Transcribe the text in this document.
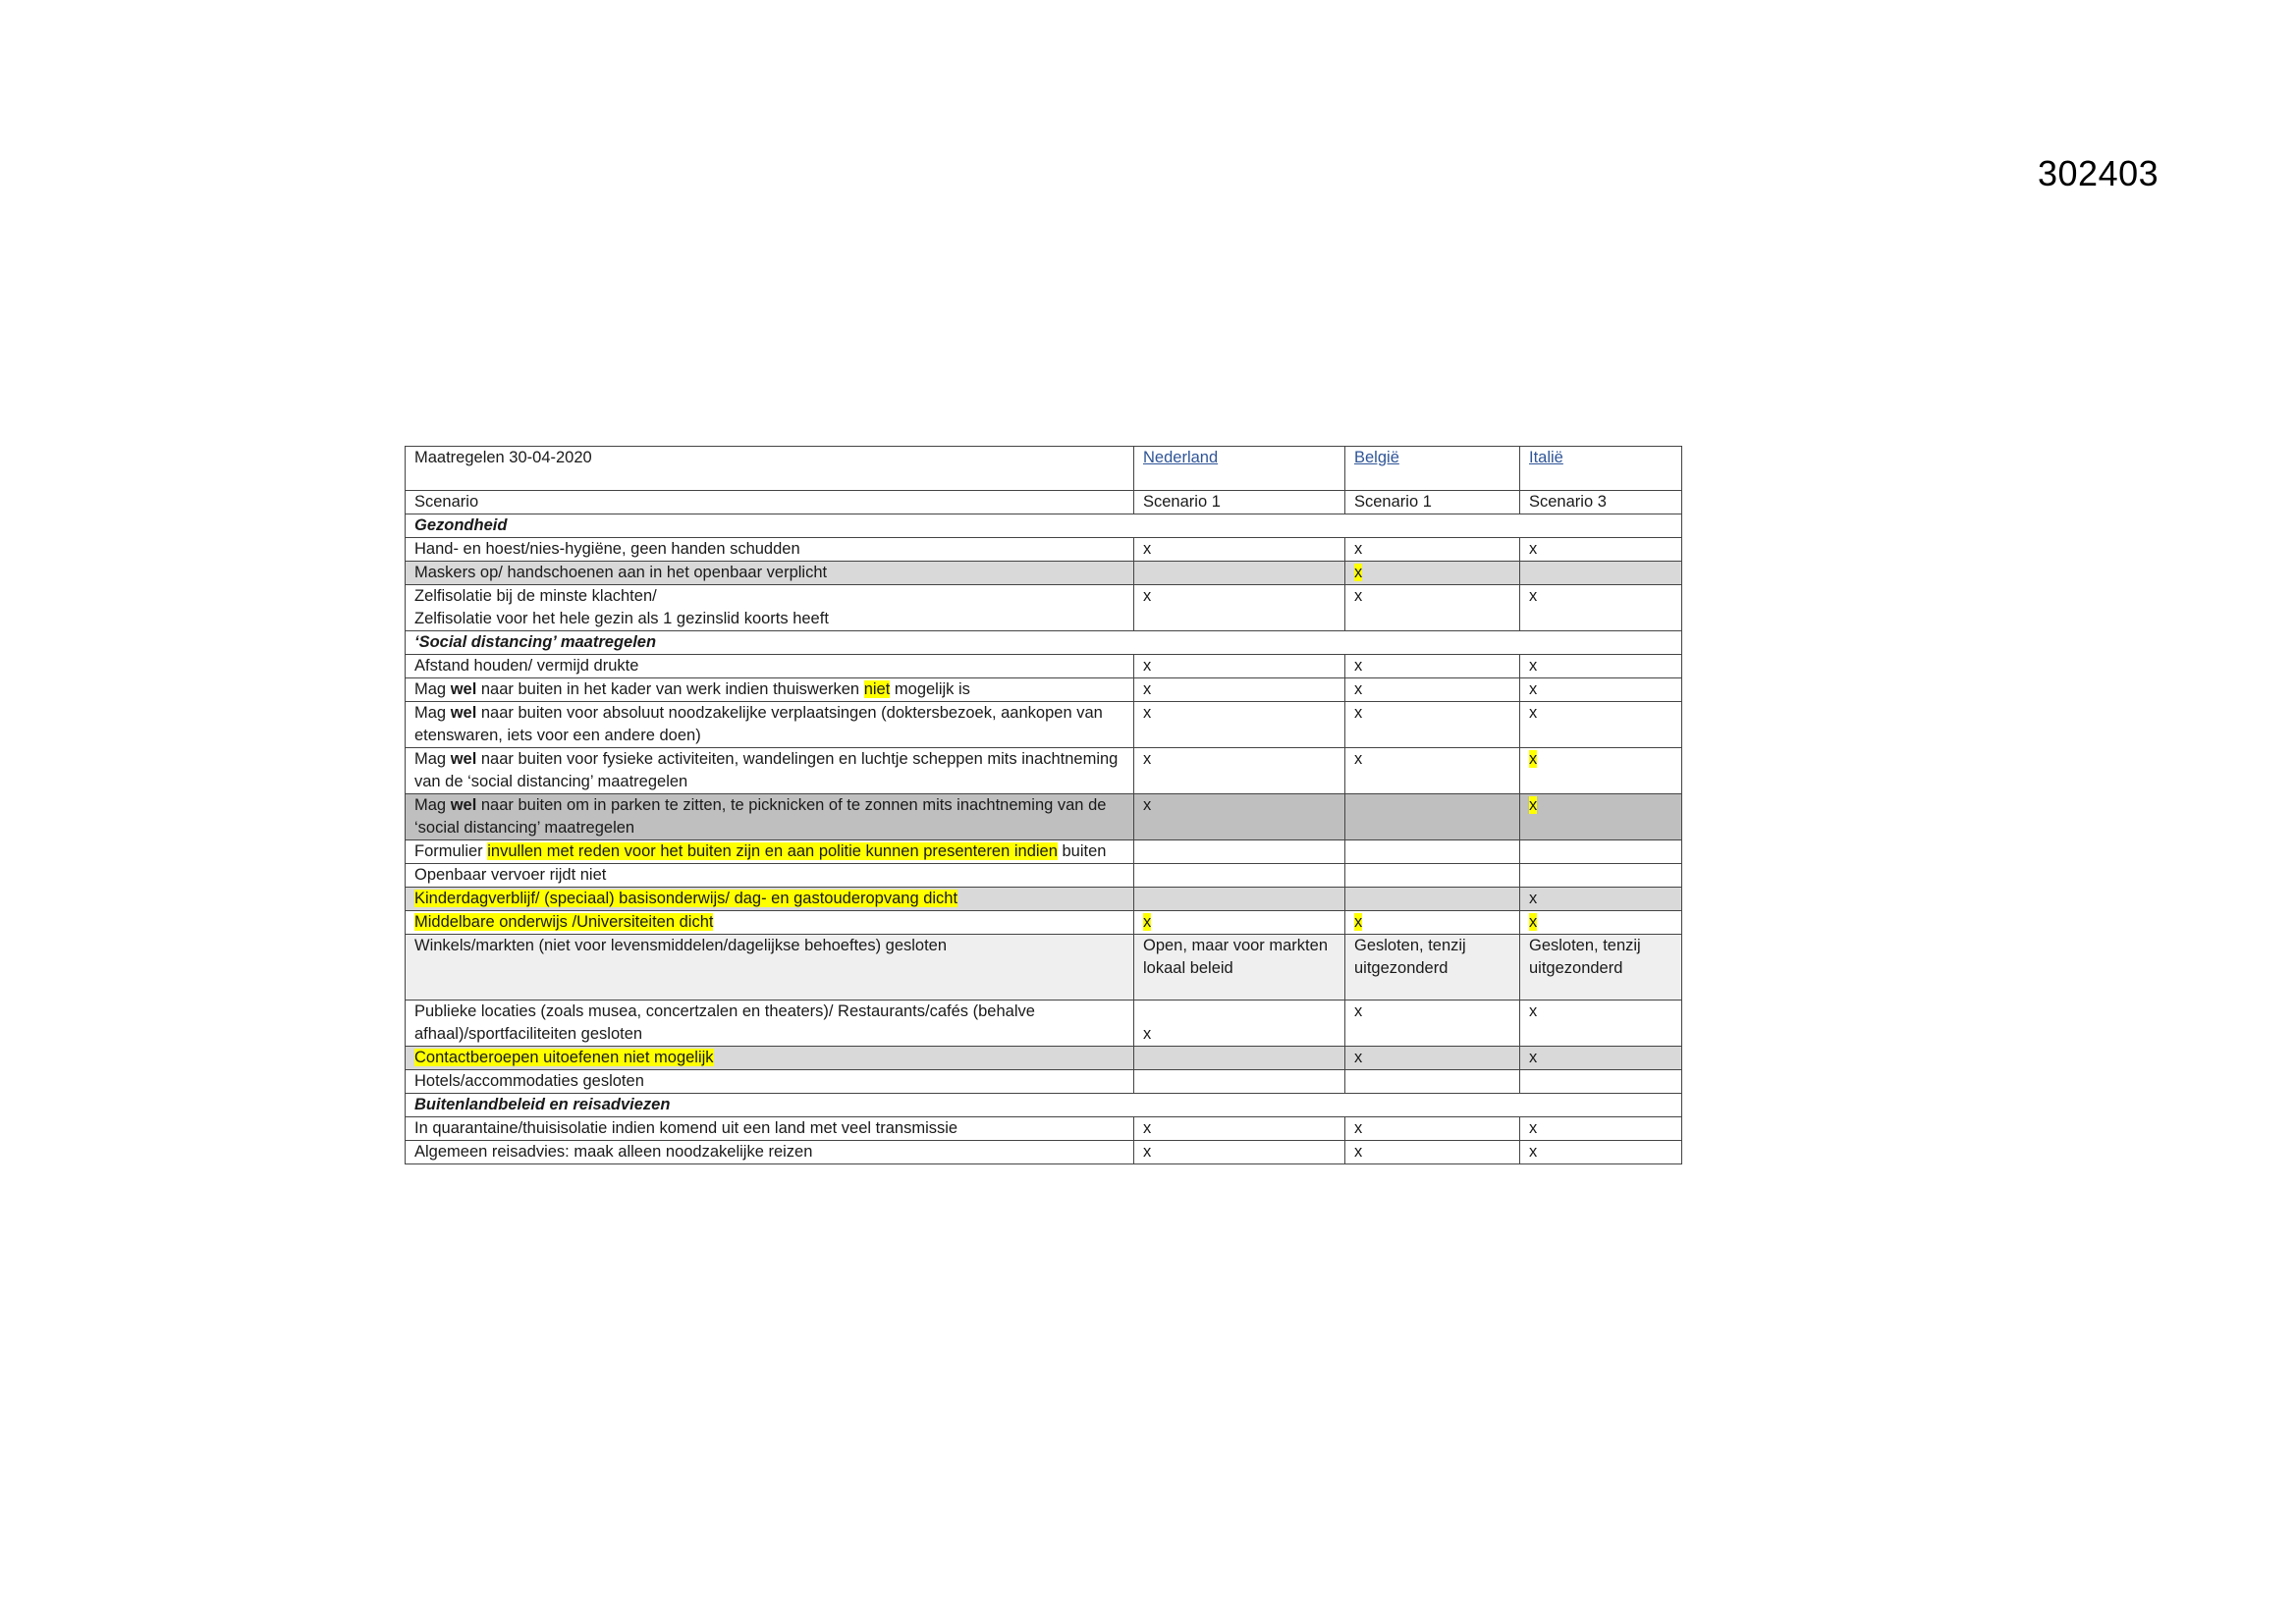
302403
Maatregelen 30-04-2020	Nederland	België	Italië
Scenario	Scenario 1	Scenario 1	Scenario 3
Gezondheid			
Hand- en hoest/nies-hygiëne, geen handen schudden	x	x	x
Maskers op/ handschoenen aan in het openbaar verplicht		x	
Zelfisolatie bij de minste klachten/
Zelfisolatie voor het hele gezin als 1 gezinslid koorts heeft	x	x	x
‘Social distancing’ maatregelen			
Afstand houden/ vermijd drukte	x	x	x
Mag wel naar buiten in het kader van werk indien thuiswerken niet mogelijk is	x	x	x
Mag wel naar buiten voor absoluut noodzakelijke verplaatsingen (doktersbezoek, aankopen van etenswaren, iets voor een andere doen)	x	x	x
Mag wel naar buiten voor fysieke activiteiten, wandelingen en luchtje scheppen mits inachtneming van de ‘social distancing’ maatregelen	x	x	x
Mag wel naar buiten om in parken te zitten, te picknicken of te zonnen mits inachtneming van de ‘social distancing’ maatregelen	x		x
Formulier invullen met reden voor het buiten zijn en aan politie kunnen presenteren indien buiten			
Openbaar vervoer rijdt niet			
Kinderdagverblijf/ (speciaal) basisonderwijs/ dag- en gastouderopvang dicht			x
Middelbare onderwijs /Universiteiten dicht	x	x	x
Winkels/markten (niet voor levensmiddelen/dagelijkse behoeftes) gesloten	Open, maar voor markten lokaal beleid	Gesloten, tenzij uitgezonderd	Gesloten, tenzij uitgezonderd
Publieke locaties (zoals musea, concertzalen en theaters)/ Restaurants/cafés (behalve afhaal)/sportfaciliteiten gesloten	x	x	x
Contactberoepen uitoefenen niet mogelijk		x	x
Hotels/accommodaties gesloten			
Buitenlandbeleid en reisadviezen			
In quarantaine/thuisisolatie indien komend uit een land met veel transmissie	x	x	x
Algemeen reisadvies: maak alleen noodzakelijke reizen	x	x	x
